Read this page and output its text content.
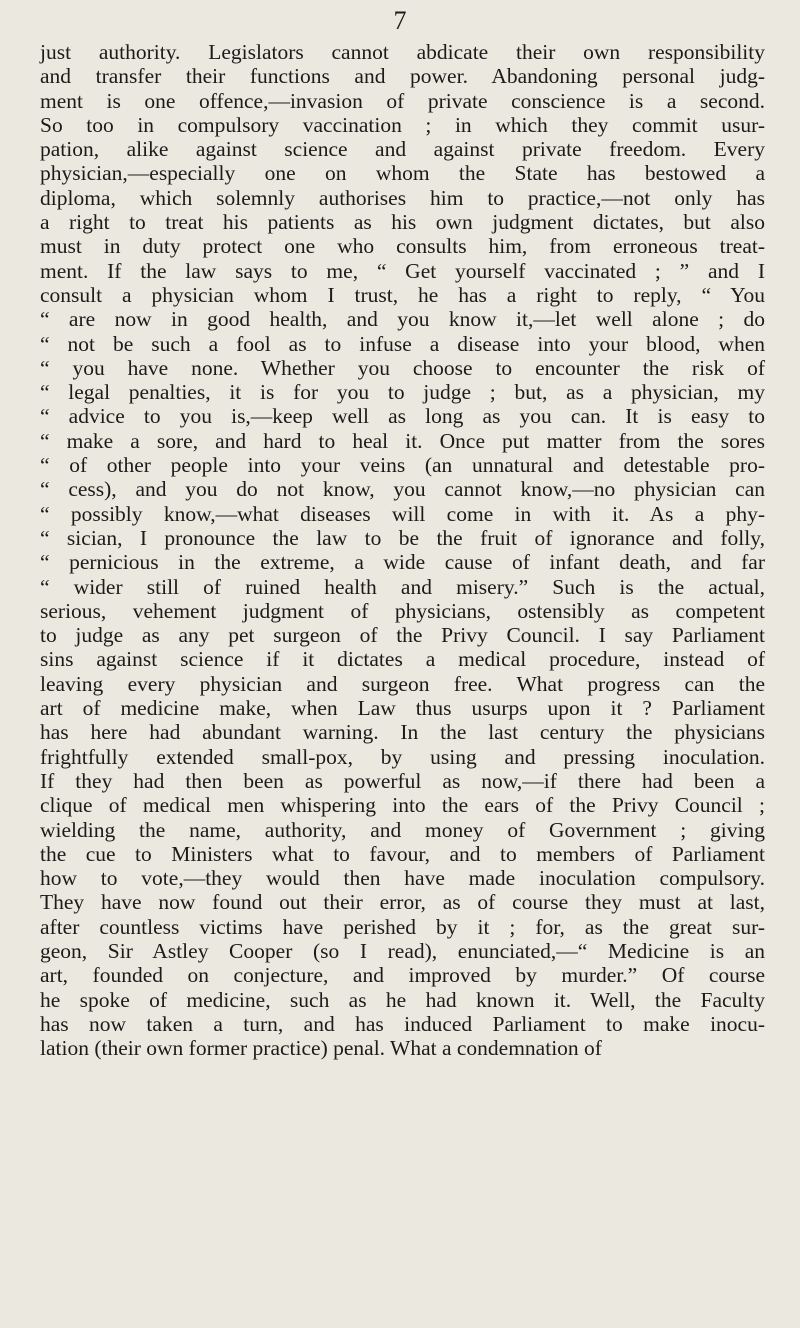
7
just authority. Legislators cannot abdicate their own responsibility
and transfer their functions and power. Abandoning personal judg-
ment is one offence,—invasion of private conscience is a second.
So too in compulsory vaccination ; in which they commit usur-
pation, alike against science and against private freedom. Every
physician,—especially one on whom the State has bestowed a
diploma, which solemnly authorises him to practice,—not only has
a right to treat his patients as his own judgment dictates, but also
must in duty protect one who consults him, from erroneous treat-
ment. If the law says to me, “ Get yourself vaccinated ; ” and I
consult a physician whom I trust, he has a right to reply, “ You
“ are now in good health, and you know it,—let well alone ; do
“ not be such a fool as to infuse a disease into your blood, when
“ you have none. Whether you choose to encounter the risk of
“ legal penalties, it is for you to judge ; but, as a physician, my
“ advice to you is,—keep well as long as you can. It is easy to
“ make a sore, and hard to heal it. Once put matter from the sores
“ of other people into your veins (an unnatural and detestable pro-
“ cess), and you do not know, you cannot know,—no physician can
“ possibly know,—what diseases will come in with it. As a phy-
“ sician, I pronounce the law to be the fruit of ignorance and folly,
“ pernicious in the extreme, a wide cause of infant death, and far
“ wider still of ruined health and misery.” Such is the actual,
serious, vehement judgment of physicians, ostensibly as competent
to judge as any pet surgeon of the Privy Council. I say Parliament
sins against science if it dictates a medical procedure, instead of
leaving every physician and surgeon free. What progress can the
art of medicine make, when Law thus usurps upon it ? Parliament
has here had abundant warning. In the last century the physicians
frightfully extended small-pox, by using and pressing inoculation.
If they had then been as powerful as now,—if there had been a
clique of medical men whispering into the ears of the Privy Council ;
wielding the name, authority, and money of Government ; giving
the cue to Ministers what to favour, and to members of Parliament
how to vote,—they would then have made inoculation compulsory.
They have now found out their error, as of course they must at last,
after countless victims have perished by it ; for, as the great sur-
geon, Sir Astley Cooper (so I read), enunciated,—“ Medicine is an
art, founded on conjecture, and improved by murder.” Of course
he spoke of medicine, such as he had known it. Well, the Faculty
has now taken a turn, and has induced Parliament to make inocu-
lation (their own former practice) penal. What a condemnation of
